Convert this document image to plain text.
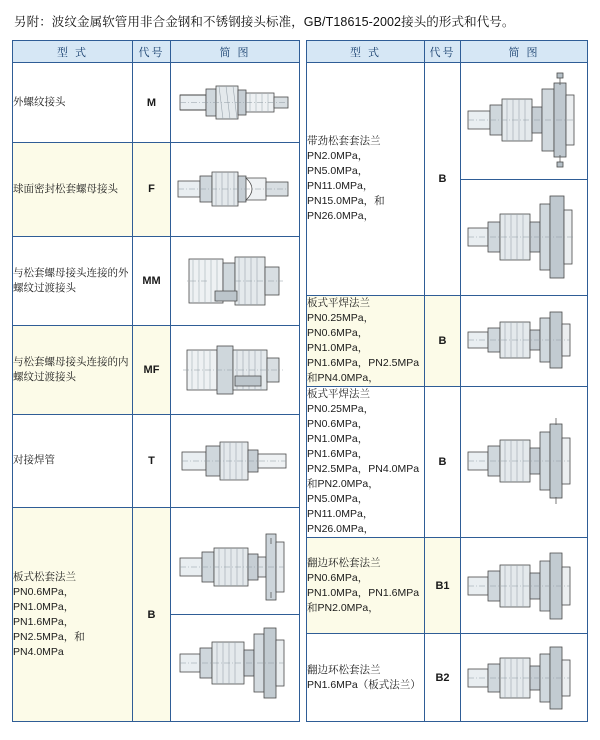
另附：波纹金属软管用非合金钢和不锈钢接头标准，GB/T18615-2002接头的形式和代号。

型 式	代号	简 图

外螺纹接头	M	

球面密封松套螺母接头	F	

与松套螺母接头连接的外螺纹过渡接头	MM	

与松套螺母接头连接的内螺纹过渡接头	MF	

对接焊管	T	

板式松套法兰
PN0.6MPa，PN1.0MPa，PN1.6MPa，PN2.5MPa，和PN4.0MPa	B	
型 式	代号	简 图

带劲松套套法兰
PN2.0MPa，PN5.0MPa，PN11.0MPa，PN15.0MPa，和PN26.0MPa，	B	

板式平焊法兰
PN0.25MPa，PN0.6MPa，PN1.0MPa，PN1.6MPa，PN2.5MPa和PN4.0MPa，	B	

板式平焊法兰
PN0.25MPa，PN0.6MPa，PN1.0MPa，PN1.6MPa，PN2.5MPa，PN4.0MPa 和PN2.0MPa，PN5.0MPa，PN11.0MPa，PN26.0MPa，	B	

翻边环松套法兰
PN0.6MPa，PN1.0MPa，PN1.6MPa和PN2.0MPa，	B1	

翻边环松套法兰
PN1.6MPa（板式法兰）	B2	
